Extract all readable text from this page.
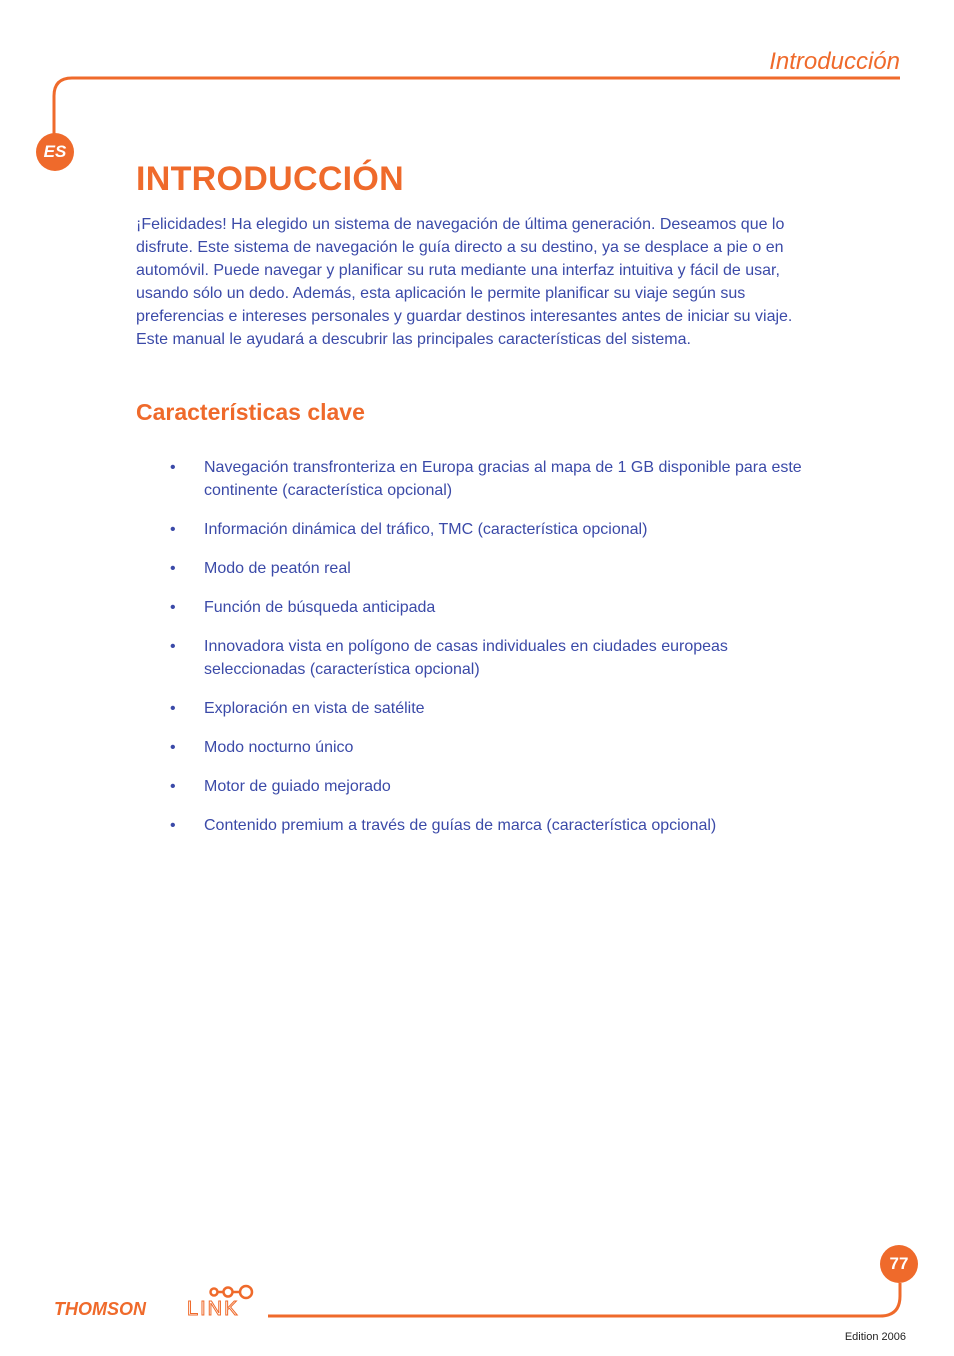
Introducción
ES
INTRODUCCIÓN

¡Felicidades! Ha elegido un sistema de navegación de última generación. Deseamos que lo disfrute. Este sistema de navegación le guía directo a su destino, ya se desplace a pie o en automóvil. Puede navegar y planificar su ruta mediante una interfaz intuitiva y fácil de usar, usando sólo un dedo. Además, esta aplicación le permite planificar su viaje según sus preferencias e intereses personales y guardar destinos interesantes antes de iniciar su viaje. Este manual le ayudará a descubrir las principales características del sistema.

Características clave
• Navegación transfronteriza en Europa gracias al mapa de 1 GB disponible para este continente (característica opcional)
• Información dinámica del tráfico, TMC (característica opcional)
• Modo de peatón real
• Función de búsqueda anticipada
• Innovadora vista en polígono de casas individuales en ciudades europeas seleccionadas (característica opcional)
• Exploración en vista de satélite
• Modo nocturno único
• Motor de guiado mejorado
• Contenido premium a través de guías de marca (característica opcional)
77
THOMSON LINK
Edition 2006
